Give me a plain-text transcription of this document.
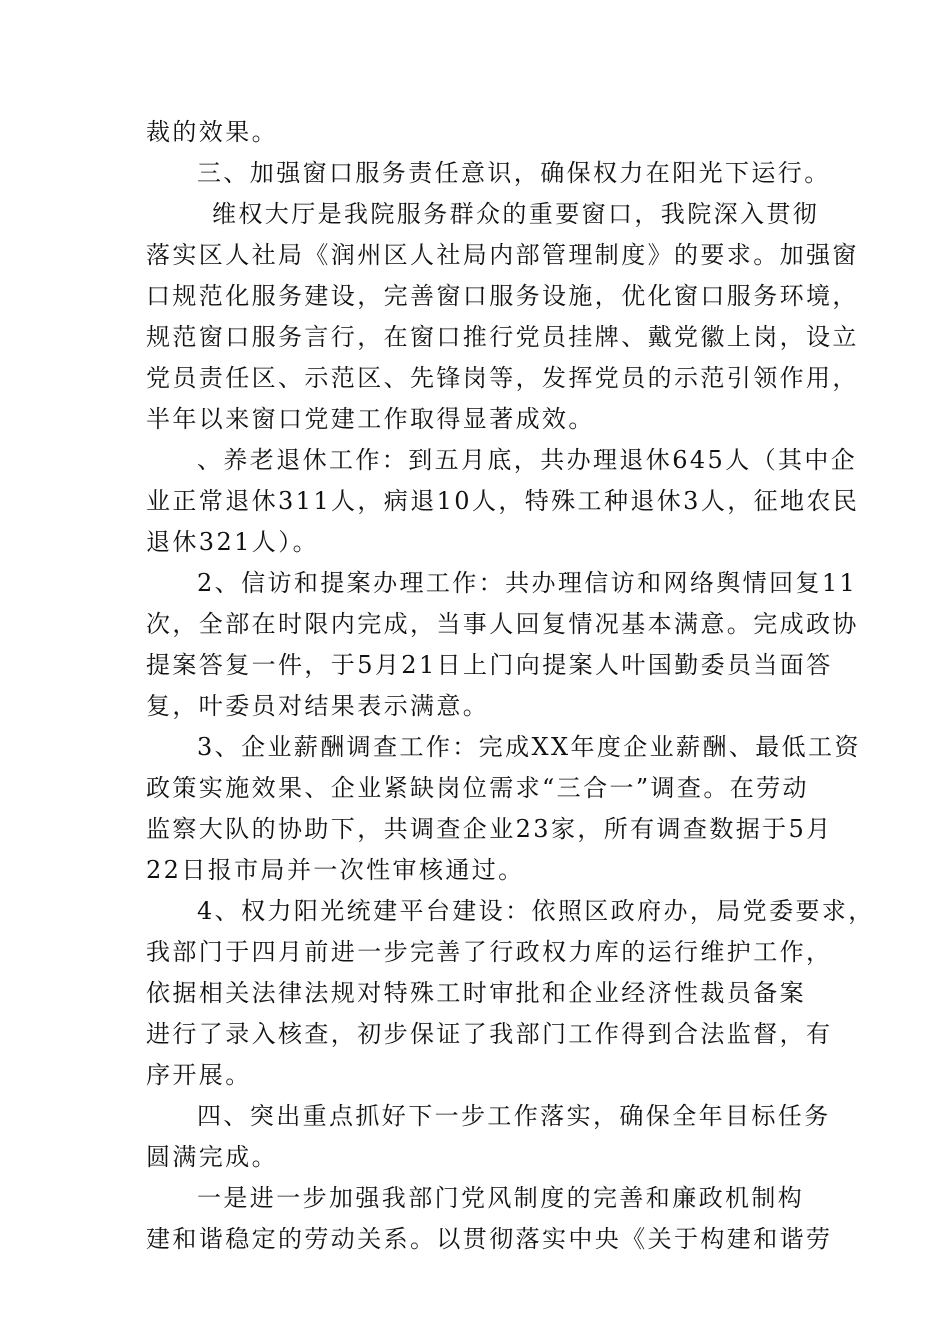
裁的效果。
三、加强窗口服务责任意识，确保权力在阳光下运行。
维权大厅是我院服务群众的重要窗口，我院深入贯彻
落实区人社局《润州区人社局内部管理制度》的要求。加强窗
口规范化服务建设，完善窗口服务设施，优化窗口服务环境，
规范窗口服务言行，在窗口推行党员挂牌、戴党徽上岗，设立
党员责任区、示范区、先锋岗等，发挥党员的示范引领作用，
半年以来窗口党建工作取得显著成效。
、养老退休工作：到五月底，共办理退休645人（其中企
业正常退休311人，病退10人，特殊工种退休3人，征地农民
退休321人）。
2、信访和提案办理工作：共办理信访和网络舆情回复11
次，全部在时限内完成，当事人回复情况基本满意。完成政协
提案答复一件，于5月21日上门向提案人叶国勤委员当面答
复，叶委员对结果表示满意。
3、企业薪酬调查工作：完成XX年度企业薪酬、最低工资
政策实施效果、企业紧缺岗位需求“三合一”调查。在劳动
监察大队的协助下，共调查企业23家，所有调查数据于5月
22日报市局并一次性审核通过。
4、权力阳光统建平台建设：依照区政府办，局党委要求，
我部门于四月前进一步完善了行政权力库的运行维护工作，
依据相关法律法规对特殊工时审批和企业经济性裁员备案
进行了录入核查，初步保证了我部门工作得到合法监督，有
序开展。
四、突出重点抓好下一步工作落实，确保全年目标任务
圆满完成。
一是进一步加强我部门党风制度的完善和廉政机制构
建和谐稳定的劳动关系。以贯彻落实中央《关于构建和谐劳
